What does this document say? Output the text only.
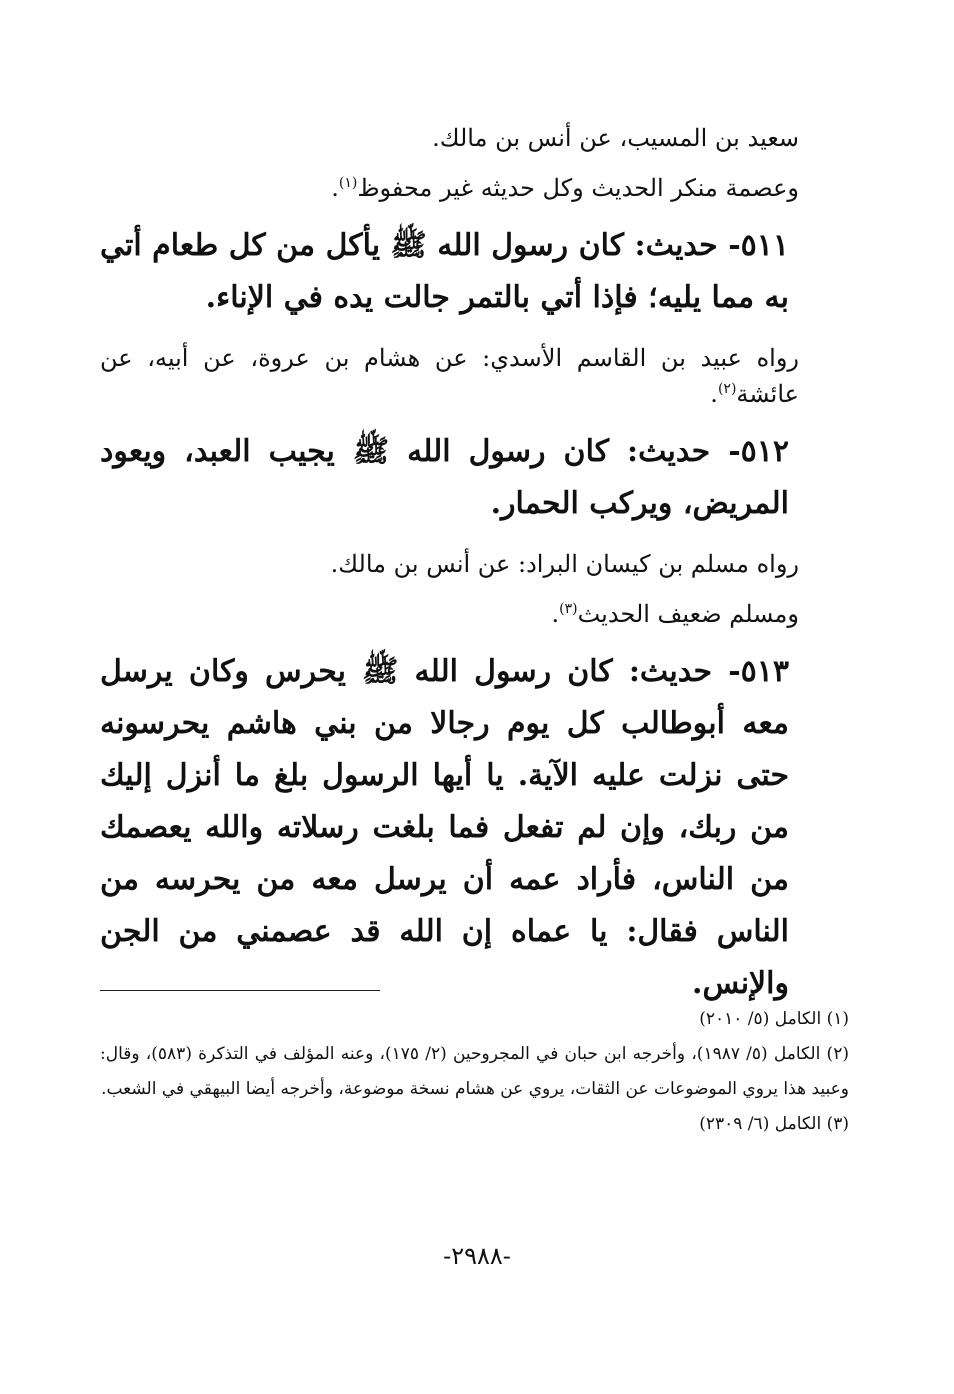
سعيد بن المسيب، عن أنس بن مالك.

وعصمة منكر الحديث وكل حديثه غير محفوظ$^{(١)}$.

٥١١- حديث: كان رسول الله ﷺ يأكل من كل طعام أتي به مما يليه؛ فإذا أتي بالتمر جالت يده في الإناء.

رواه عبيد بن القاسم الأسدي: عن هشام بن عروة، عن أبيه، عن عائشة$^{(٢)}$.

٥١٢- حديث: كان رسول الله ﷺ يجيب العبد، ويعود المريض، ويركب الحمار.

رواه مسلم بن كيسان البراد: عن أنس بن مالك.

ومسلم ضعيف الحديث$^{(٣)}$.

٥١٣- حديث: كان رسول الله ﷺ يحرس وكان يرسل معه أبوطالب كل يوم رجالا من بني هاشم يحرسونه حتى نزلت عليه الآية. يا أيها الرسول بلغ ما أنزل إليك من ربك، وإن لم تفعل فما بلغت رسلاته والله يعصمك من الناس، فأراد عمه أن يرسل معه من يحرسه من الناس فقال: يا عماه إن الله قد عصمني من الجن والإنس.

(١) الكامل (٥/ ٢٠١٠)

(٢) الكامل (٥/ ١٩٨٧)، وأخرجه ابن حبان في المجروحين (٢/ ١٧٥)، وعنه المؤلف في التذكرة (٥٨٣)، وقال: وعبيد هذا يروي الموضوعات عن الثقات، يروي عن هشام نسخة موضوعة، وأخرجه أيضا البيهقي في الشعب.

(٣) الكامل (٦/ ٢٣٠٩)

-٢٩٨٨-
